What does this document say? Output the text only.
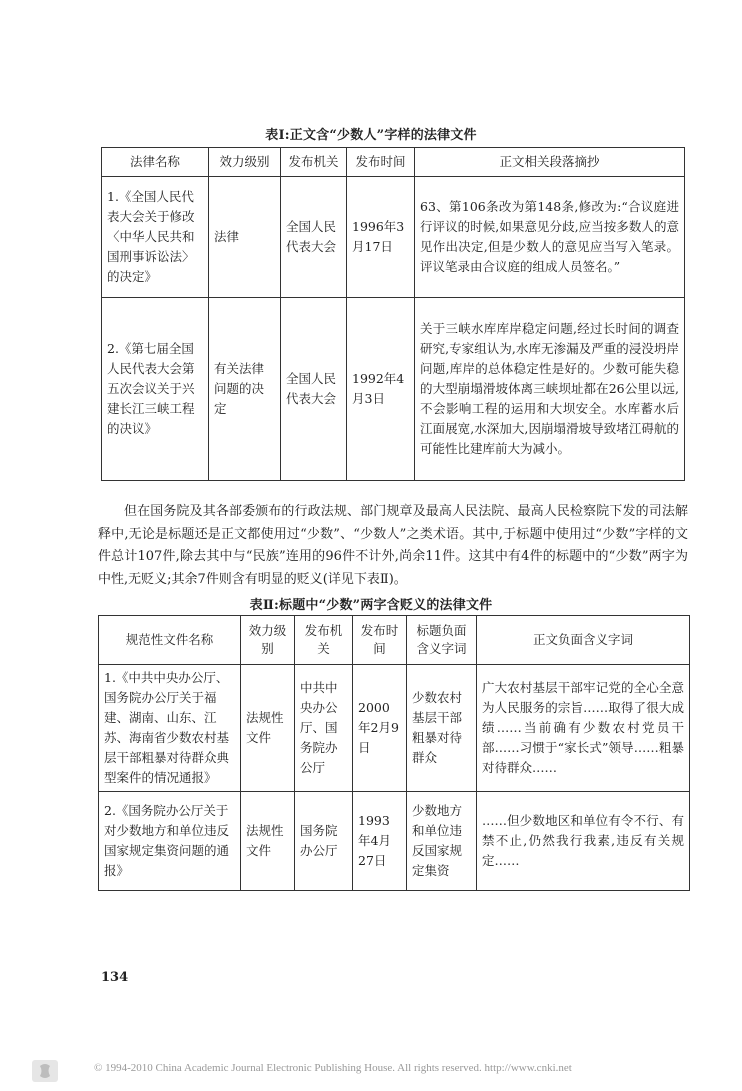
表Ⅰ:正文含“少数人”字样的法律文件
法律名称	效力级别	发布机关	发布时间	正文相关段落摘抄
1.《全国人民代表大会关于修改〈中华人民共和国刑事诉讼法〉的决定》	法律	全国人民代表大会	1996年3月17日	63、第106条改为第148条,修改为:“合议庭进行评议的时候,如果意见分歧,应当按多数人的意见作出决定,但是少数人的意见应当写入笔录。评议笔录由合议庭的组成人员签名。”
2.《第七届全国人民代表大会第五次会议关于兴建长江三峡工程的决议》	有关法律问题的决定	全国人民代表大会	1992年4月3日	关于三峡水库库岸稳定问题,经过长时间的调查研究,专家组认为,水库无渗漏及严重的浸没坍岸问题,库岸的总体稳定性是好的。少数可能失稳的大型崩塌滑坡体离三峡坝址都在26公里以远,不会影响工程的运用和大坝安全。水库蓄水后江面展宽,水深加大,因崩塌滑坡导致堵江碍航的可能性比建库前大为减小。

但在国务院及其各部委颁布的行政法规、部门规章及最高人民法院、最高人民检察院下发的司法解释中,无论是标题还是正文都使用过“少数”、“少数人”之类术语。其中,于标题中使用过“少数”字样的文件总计107件,除去其中与“民族”连用的96件不计外,尚余11件。这其中有4件的标题中的“少数”两字为中性,无贬义;其余7件则含有明显的贬义(详见下表Ⅱ)。

表Ⅱ:标题中“少数”两字含贬义的法律文件
规范性文件名称	效力级别	发布机关	发布时间	标题负面含义字词	正文负面含义字词
1.《中共中央办公厅、国务院办公厅关于福建、湖南、山东、江苏、海南省少数农村基层干部粗暴对待群众典型案件的情况通报》	法规性文件	中共中央办公厅、国务院办公厅	2000年2月9日	少数农村基层干部粗暴对待群众	广大农村基层干部牢记党的全心全意为人民服务的宗旨……取得了很大成绩……当前确有少数农村党员干部……习惯于“家长式”领导……粗暴对待群众……
2.《国务院办公厅关于对少数地方和单位违反国家规定集资问题的通报》	法规性文件	国务院办公厅	1993年4月27日	少数地方和单位违反国家规定集资	……但少数地区和单位有令不行、有禁不止,仍然我行我素,违反有关规定……
134
© 1994-2010 China Academic Journal Electronic Publishing House. All rights reserved. http://www.cnki.net
